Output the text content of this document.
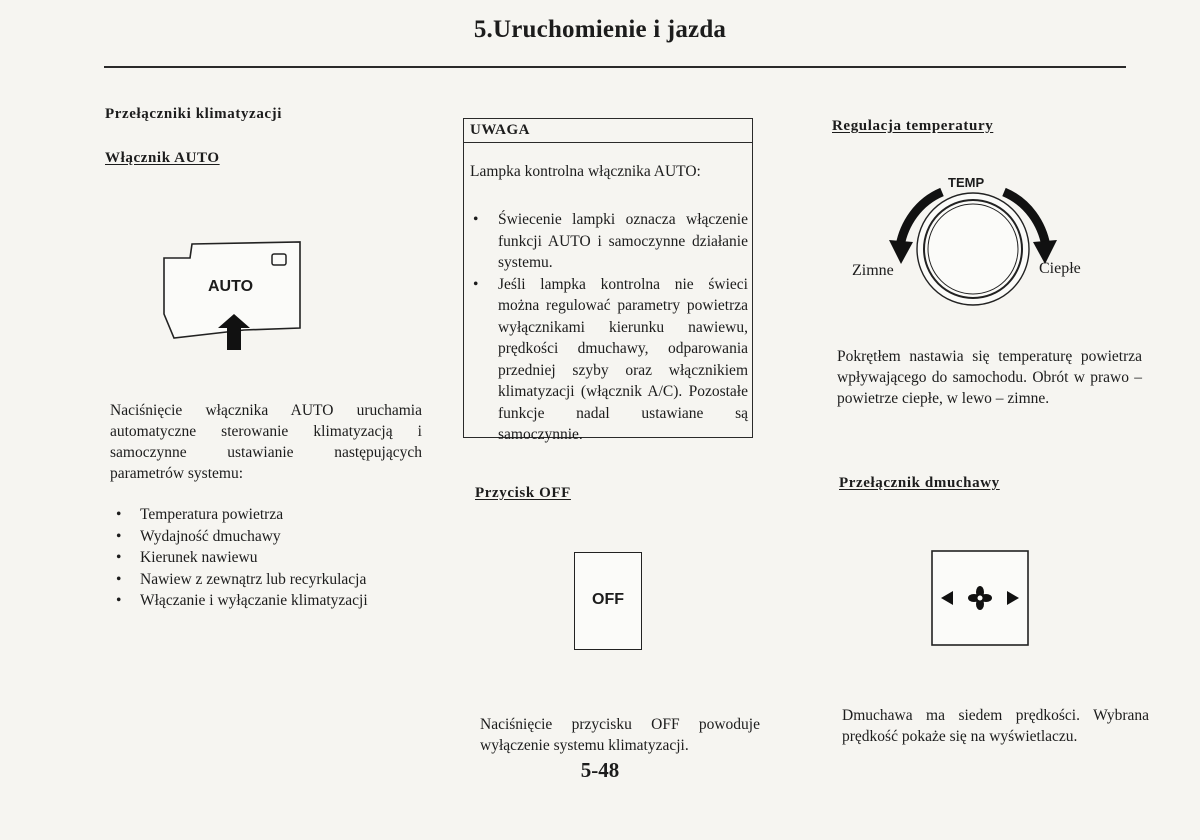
5.Uruchomienie i jazda
Przełączniki klimatyzacji
Włącznik AUTO
AUTO
Naciśnięcie włącznika AUTO uruchamia automatyczne sterowanie klimatyzacją i samoczynne ustawianie następujących parametrów systemu:
• Temperatura powietrza
• Wydajność dmuchawy
• Kierunek nawiewu
• Nawiew z zewnątrz lub recyrkulacja
• Włączanie i wyłączanie klimatyzacji
UWAGA
Lampka kontrolna włącznika AUTO:
• Świecenie lampki oznacza włączenie funkcji AUTO i samoczynne działanie systemu.
• Jeśli lampka kontrolna nie świeci można regulować parametry powietrza wyłącznikami kierunku nawiewu, prędkości dmuchawy, odparowania przedniej szyby oraz włącznikiem klimatyzacji (włącznik A/C). Pozostałe funkcje nadal ustawiane są samoczynnie.
Przycisk OFF
OFF
Naciśnięcie przycisku OFF powoduje wyłączenie systemu klimatyzacji.
Regulacja temperatury
TEMP
Zimne	Ciepłe
Pokrętłem nastawia się temperaturę powietrza wpływającego do samochodu. Obrót w prawo – powietrze ciepłe, w lewo – zimne.
Przełącznik dmuchawy
Dmuchawa ma siedem prędkości. Wybrana prędkość pokaże się na wyświetlaczu.
5-48
